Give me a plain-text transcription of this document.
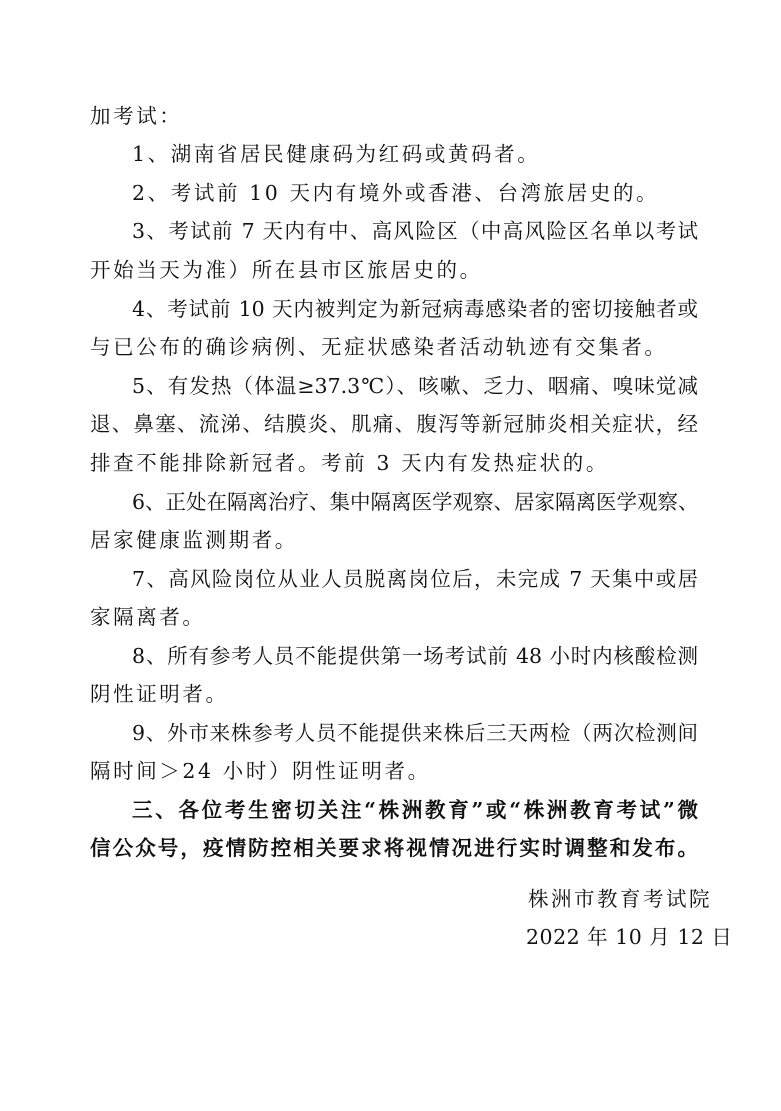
加考试：
1、湖南省居民健康码为红码或黄码者。
2、考试前 10 天内有境外或香港、台湾旅居史的。
3、考试前 7 天内有中、高风险区（中高风险区名单以考试
开始当天为准）所在县市区旅居史的。
4、考试前 10 天内被判定为新冠病毒感染者的密切接触者或
与已公布的确诊病例、无症状感染者活动轨迹有交集者。
5、有发热（体温≥37.3℃）、咳嗽、乏力、咽痛、嗅味觉减
退、鼻塞、流涕、结膜炎、肌痛、腹泻等新冠肺炎相关症状，经
排查不能排除新冠者。考前 3 天内有发热症状的。
6、正处在隔离治疗、集中隔离医学观察、居家隔离医学观察、
居家健康监测期者。
7、高风险岗位从业人员脱离岗位后，未完成 7 天集中或居
家隔离者。
8、所有参考人员不能提供第一场考试前 48 小时内核酸检测
阴性证明者。
9、外市来株参考人员不能提供来株后三天两检（两次检测间
隔时间＞24 小时）阴性证明者。
三、各位考生密切关注“株洲教育”或“株洲教育考试”微
信公众号，疫情防控相关要求将视情况进行实时调整和发布。
株洲市教育考试院
2022 年 10 月 12 日
